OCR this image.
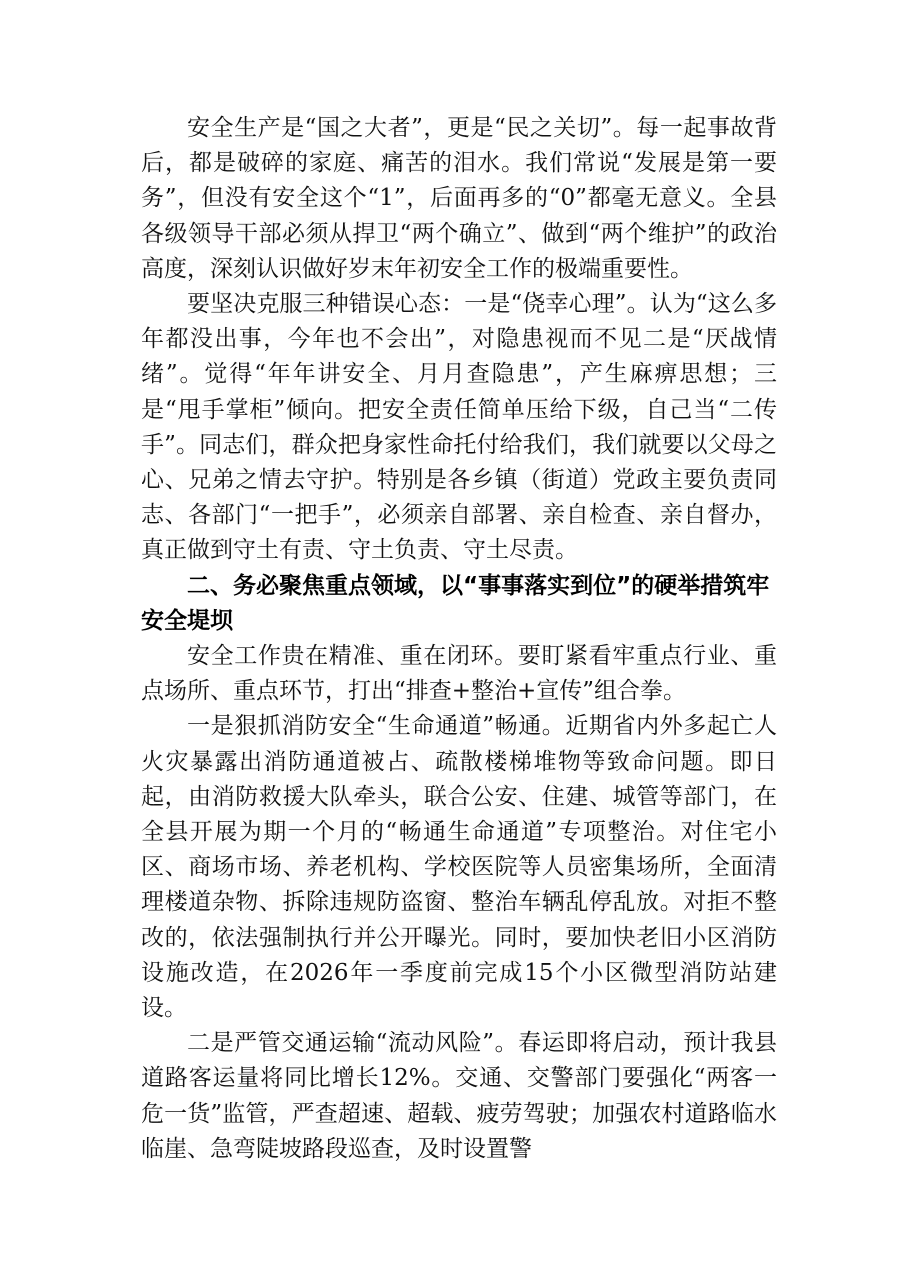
安全生产是“国之大者”，更是“民之关切”。每一起事故背后，都是破碎的家庭、痛苦的泪水。我们常说“发展是第一要务”，但没有安全这个“1”，后面再多的“0”都毫无意义。全县各级领导干部必须从捍卫“两个确立”、做到“两个维护”的政治高度，深刻认识做好岁末年初安全工作的极端重要性。

要坚决克服三种错误心态：一是“侥幸心理”。认为“这么多年都没出事，今年也不会出”，对隐患视而不见二是“厌战情绪”。觉得“年年讲安全、月月查隐患”，产生麻痹思想；三是“甩手掌柜”倾向。把安全责任简单压给下级，自己当“二传手”。同志们，群众把身家性命托付给我们，我们就要以父母之心、兄弟之情去守护。特别是各乡镇（街道）党政主要负责同志、各部门“一把手”，必须亲自部署、亲自检查、亲自督办，真正做到守土有责、守土负责、守土尽责。

二、务必聚焦重点领域，以“事事落实到位”的硬举措筑牢安全堤坝

安全工作贵在精准、重在闭环。要盯紧看牢重点行业、重点场所、重点环节，打出“排查+整治+宣传”组合拳。

一是狠抓消防安全“生命通道”畅通。近期省内外多起亡人火灾暴露出消防通道被占、疏散楼梯堆物等致命问题。即日起，由消防救援大队牵头，联合公安、住建、城管等部门，在全县开展为期一个月的“畅通生命通道”专项整治。对住宅小区、商场市场、养老机构、学校医院等人员密集场所，全面清理楼道杂物、拆除违规防盗窗、整治车辆乱停乱放。对拒不整改的，依法强制执行并公开曝光。同时，要加快老旧小区消防设施改造，在2026年一季度前完成15个小区微型消防站建设。

二是严管交通运输“流动风险”。春运即将启动，预计我县道路客运量将同比增长12%。交通、交警部门要强化“两客一危一货”监管，严查超速、超载、疲劳驾驶；加强农村道路临水临崖、急弯陡坡路段巡查，及时设置警
